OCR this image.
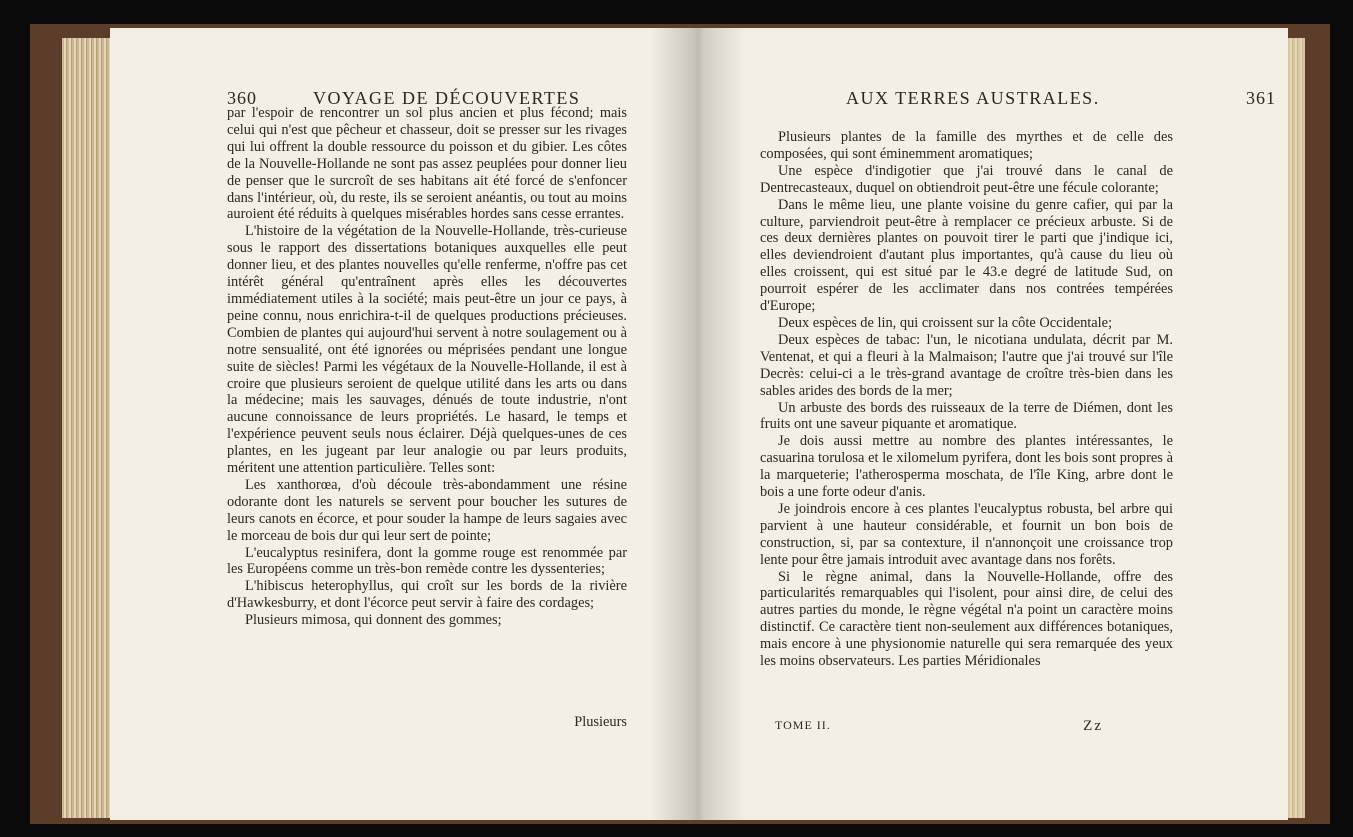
360	VOYAGE DE DÉCOUVERTES

par l'espoir de rencontrer un sol plus ancien et plus fécond; mais celui qui n'est que pêcheur et chasseur, doit se presser sur les rivages qui lui offrent la double ressource du poisson et du gibier. Les côtes de la Nouvelle-Hollande ne sont pas assez peuplées pour donner lieu de penser que le surcroît de ses habitans ait été forcé de s'enfoncer dans l'intérieur, où, du reste, ils se seroient anéantis, ou tout au moins auroient été réduits à quelques misérables hordes sans cesse errantes.

L'histoire de la végétation de la Nouvelle-Hollande, très-curieuse sous le rapport des dissertations botaniques auxquelles elle peut donner lieu, et des plantes nouvelles qu'elle renferme, n'offre pas cet intérêt général qu'entraînent après elles les découvertes immédiatement utiles à la société; mais peut-être un jour ce pays, à peine connu, nous enrichira-t-il de quelques productions précieuses. Combien de plantes qui aujourd'hui servent à notre soulagement ou à notre sensualité, ont été ignorées ou méprisées pendant une longue suite de siècles! Parmi les végétaux de la Nouvelle-Hollande, il est à croire que plusieurs seroient de quelque utilité dans les arts ou dans la médecine; mais les sauvages, dénués de toute industrie, n'ont aucune connoissance de leurs propriétés. Le hasard, le temps et l'expérience peuvent seuls nous éclairer. Déjà quelques-unes de ces plantes, en les jugeant par leur analogie ou par leurs produits, méritent une attention particulière. Telles sont:

Les xanthorœa, d'où découle très-abondamment une résine odorante dont les naturels se servent pour boucher les sutures de leurs canots en écorce, et pour souder la hampe de leurs sagaies avec le morceau de bois dur qui leur sert de pointe;

L'eucalyptus resinifera, dont la gomme rouge est renommée par les Européens comme un très-bon remède contre les dyssenteries;

L'hibiscus heterophyllus, qui croît sur les bords de la rivière d'Hawkesburry, et dont l'écorce peut servir à faire des cordages;

Plusieurs mimosa, qui donnent des gommes;

Plusieurs
AUX TERRES AUSTRALES.	361

Plusieurs plantes de la famille des myrthes et de celle des composées, qui sont éminemment aromatiques;

Une espèce d'indigotier que j'ai trouvé dans le canal de Dentrecasteaux, duquel on obtiendroit peut-être une fécule colorante;

Dans le même lieu, une plante voisine du genre cafier, qui par la culture, parviendroit peut-être à remplacer ce précieux arbuste. Si de ces deux dernières plantes on pouvoit tirer le parti que j'indique ici, elles deviendroient d'autant plus importantes, qu'à cause du lieu où elles croissent, qui est situé par le 43.e degré de latitude Sud, on pourroit espérer de les acclimater dans nos contrées tempérées d'Europe;

Deux espèces de lin, qui croissent sur la côte Occidentale;

Deux espèces de tabac: l'un, le nicotiana undulata, décrit par M. Ventenat, et qui a fleuri à la Malmaison; l'autre que j'ai trouvé sur l'île Decrès: celui-ci a le très-grand avantage de croître très-bien dans les sables arides des bords de la mer;

Un arbuste des bords des ruisseaux de la terre de Diémen, dont les fruits ont une saveur piquante et aromatique.

Je dois aussi mettre au nombre des plantes intéressantes, le casuarina torulosa et le xilomelum pyrifera, dont les bois sont propres à la marqueterie; l'atherosperma moschata, de l'île King, arbre dont le bois a une forte odeur d'anis.

Je joindrois encore à ces plantes l'eucalyptus robusta, bel arbre qui parvient à une hauteur considérable, et fournit un bon bois de construction, si, par sa contexture, il n'annonçoit une croissance trop lente pour être jamais introduit avec avantage dans nos forêts.

Si le règne animal, dans la Nouvelle-Hollande, offre des particularités remarquables qui l'isolent, pour ainsi dire, de celui des autres parties du monde, le règne végétal n'a point un caractère moins distinctif. Ce caractère tient non-seulement aux différences botaniques, mais encore à une physionomie naturelle qui sera remarquée des yeux les moins observateurs. Les parties Méridionales

TOME II.	Zz
